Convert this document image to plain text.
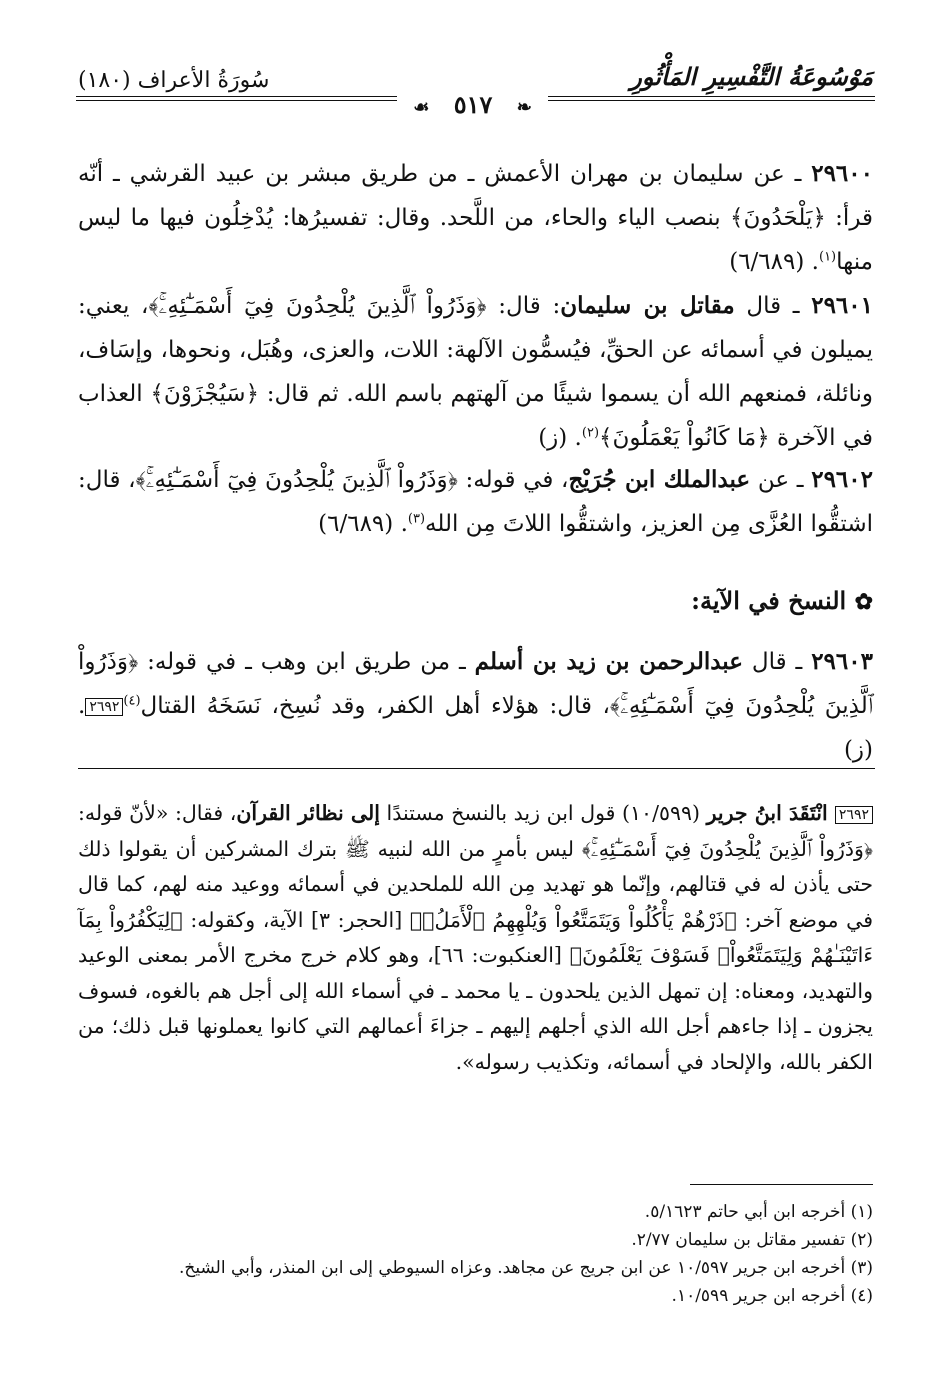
سُورَةُ الأعراف (١٨٠)	مَوْسُوعَةُ التَّفْسِيرِ المَأْثُورِ
❧ ٥١٧ ☙
٢٩٦٠٠ ـ عن سليمان بن مهران الأعمش ـ من طريق مبشر بن عبيد القرشي ـ أنّه قرأ: ﴿يَلْحَدُونَ﴾ بنصب الياء والحاء، من اللَّحد. وقال: تفسيرُها: يُدْخِلُون فيها ما ليس منها$^{(١)}$. (٦/٦٨٩)
٢٩٦٠١ ـ قال مقاتل بن سليمان: قال: ﴿وَذَرُواْ ٱلَّذِينَ يُلْحِدُونَ فِيٓ أَسْمَـٰٓئِهِۦۚ﴾، يعني: يميلون في أسمائه عن الحقِّ، فيُسمُّون الآلهة: اللات، والعزى، وهُبَل، ونحوها، وإسَاف، ونائلة، فمنعهم الله أن يسموا شيئًا من آلهتهم باسم الله. ثم قال: ﴿سَيُجْزَوْنَ﴾ العذاب في الآخرة ﴿مَا كَانُواْ يَعْمَلُونَ﴾$^{(٢)}$. (ز)
٢٩٦٠٢ ـ عن عبدالملك ابن جُرَيْج، في قوله: ﴿وَذَرُواْ ٱلَّذِينَ يُلْحِدُونَ فِيٓ أَسْمَـٰٓئِهِۦۚ﴾، قال: اشتقُّوا العُزَّى مِن العزيز، واشتقُّوا اللاتَ مِن الله$^{(٣)}$. (٦/٦٨٩)
✿ النسخ في الآية:
٢٩٦٠٣ ـ قال عبدالرحمن بن زيد بن أسلم ـ من طريق ابن وهب ـ في قوله: ﴿وَذَرُواْ ٱلَّذِينَ يُلْحِدُونَ فِيٓ أَسْمَـٰٓئِهِۦۚ﴾، قال: هؤلاء أهل الكفر، وقد نُسِخ، نَسَخَهُ القتال$^{(٤)}$٢٦٩٢. (ز)
٢٦٩٢ انْتَقَدَ ابنُ جرير (١٠/٥٩٩) قول ابن زيد بالنسخ مستندًا إلى نظائر القرآن، فقال: «لأنّ قوله: ﴿وَذَرُواْ ٱلَّذِينَ يُلْحِدُونَ فِيٓ أَسْمَـٰٓئِهِۦۚ﴾ ليس بأمرٍ من الله لنبيه ﷺ بترك المشركين أن يقولوا ذلك حتى يأذن له في قتالهم، وإنّما هو تهديد مِن الله للملحدين في أسمائه ووعيد منه لهم، كما قال في موضع آخر: ﴿ذَرْهُمْ يَأْكُلُواْ وَيَتَمَتَّعُواْ وَيُلْهِهِمُ ٱلْأَمَلُۖ﴾ [الحجر: ٣] الآية، وكقوله: ﴿لِيَكْفُرُواْ بِمَآ ءَاتَيْنَـٰهُمْ وَلِيَتَمَتَّعُواْۖ فَسَوْفَ يَعْلَمُونَ﴾ [العنكبوت: ٦٦]، وهو كلام خرج مخرج الأمر بمعنى الوعيد والتهديد، ومعناه: إن تمهل الذين يلحدون ـ يا محمد ـ في أسماء الله إلى أجل هم بالغوه، فسوف يجزون ـ إذا جاءهم أجل الله الذي أجلهم إليهم ـ جزاءَ أعمالهم التي كانوا يعملونها قبل ذلك؛ من الكفر بالله، والإلحاد في أسمائه، وتكذيب رسوله».
(١) أخرجه ابن أبي حاتم ٥/١٦٢٣.
(٢) تفسير مقاتل بن سليمان ٢/٧٧.
(٣) أخرجه ابن جرير ١٠/٥٩٧ عن ابن جريج عن مجاهد. وعزاه السيوطي إلى ابن المنذر، وأبي الشيخ.
(٤) أخرجه ابن جرير ١٠/٥٩٩.
